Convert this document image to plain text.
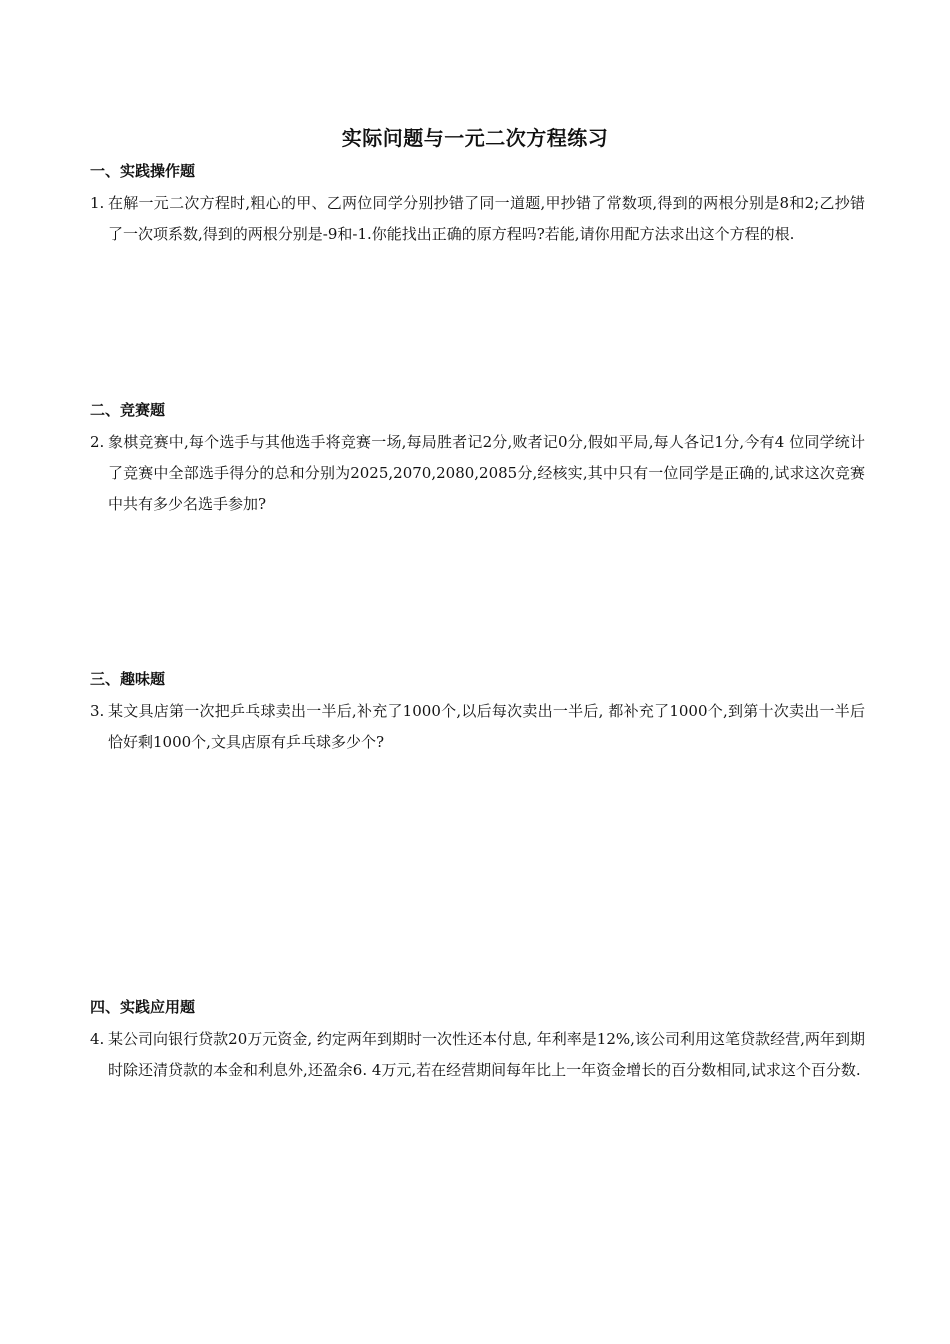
实际问题与一元二次方程练习
一、实践操作题
1. 在解一元二次方程时,粗心的甲、乙两位同学分别抄错了同一道题,甲抄错了常数项,得到的两根分别是8和2;乙抄错了一次项系数,得到的两根分别是-9和-1.你能找出正确的原方程吗?若能,请你用配方法求出这个方程的根.
二、竞赛题
2. 象棋竞赛中,每个选手与其他选手将竞赛一场,每局胜者记2分,败者记0分,假如平局,每人各记1分,今有4 位同学统计了竞赛中全部选手得分的总和分别为2025,2070,2080,2085分,经核实,其中只有一位同学是正确的,试求这次竞赛中共有多少名选手参加?
三、趣味题
3. 某文具店第一次把乒乓球卖出一半后,补充了1000个,以后每次卖出一半后, 都补充了1000个,到第十次卖出一半后恰好剩1000个,文具店原有乒乓球多少个?
四、实践应用题
4. 某公司向银行贷款20万元资金, 约定两年到期时一次性还本付息, 年利率是12%,该公司利用这笔贷款经营,两年到期时除还清贷款的本金和利息外,还盈余6. 4万元,若在经营期间每年比上一年资金增长的百分数相同,试求这个百分数.
